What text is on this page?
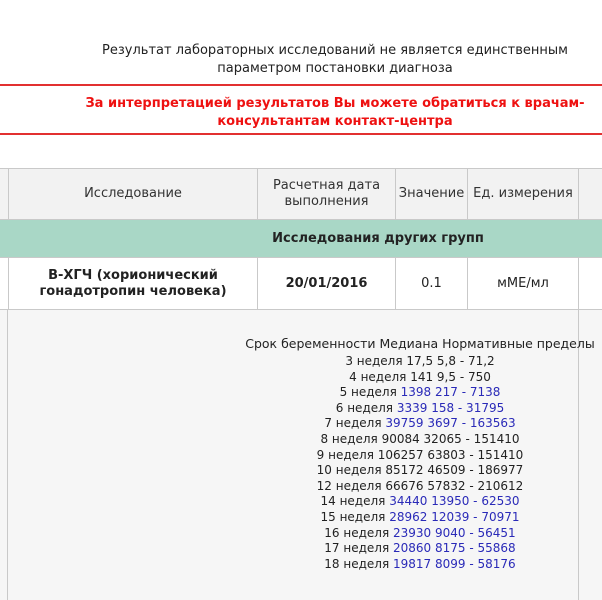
Результат лабораторных исследований не является единственным параметром постановки диагноза
За интерпретацией результатов Вы можете обратиться к врачам-консультантам контакт-центра
Исследование
Расчетная дата выполнения
Значение Ед. измерения
Исследования других групп
B-ХГЧ (хорионический гонадотропин человека)
20/01/2016	0.1	мМЕ/мл
Срок беременности Медиана Нормативные пределы
3 неделя 17,5 5,8 - 71,2
4 неделя 141 9,5 - 750
5 неделя 1398 217 - 7138
6 неделя 3339 158 - 31795
7 неделя 39759 3697 - 163563
8 неделя 90084 32065 - 151410
9 неделя 106257 63803 - 151410
10 неделя 85172 46509 - 186977
12 неделя 66676 57832 - 210612
14 неделя 34440 13950 - 62530
15 неделя 28962 12039 - 70971
16 неделя 23930 9040 - 56451
17 неделя 20860 8175 - 55868
18 неделя 19817 8099 - 58176
